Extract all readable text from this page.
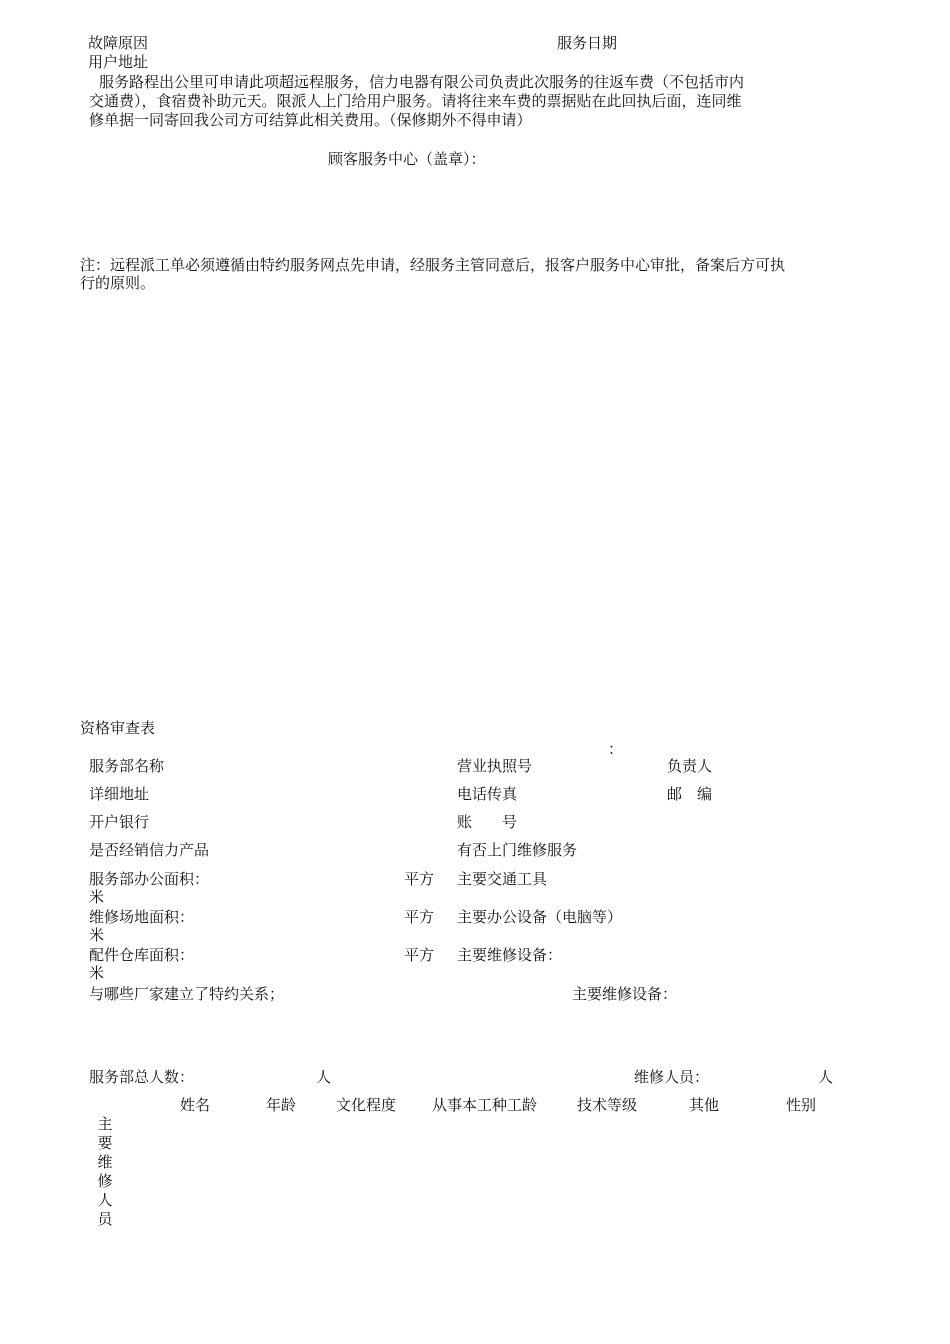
故障原因	服务日期
用户地址
服务路程出公里可申请此项超远程服务，信力电器有限公司负责此次服务的往返车费（不包括市内
交通费），食宿费补助元天。限派人上门给用户服务。请将往来车费的票据贴在此回执后面，连同维
修单据一同寄回我公司方可结算此相关费用。（保修期外不得申请）
顾客服务中心（盖章）：
注：远程派工单必须遵循由特约服务网点先申请，经服务主管同意后，报客户服务中心审批，备案后方可执
行的原则。
资格审查表
：
服务部名称	营业执照号	负责人
详细地址	电话传真	邮　编
开户银行	账　　号
是否经销信力产品	有否上门维修服务
服务部办公面积：	平方 主要交通工具
米
维修场地面积：	平方 主要办公设备（电脑等）
米
配件仓库面积：	平方 主要维修设备：
米
与哪些厂家建立了特约关系；	主要维修设备：
服务部总人数：	人	维修人员：	人
姓名	年龄	文化程度 从事本工种工龄	技术等级	其他	性别
主要维修人员
